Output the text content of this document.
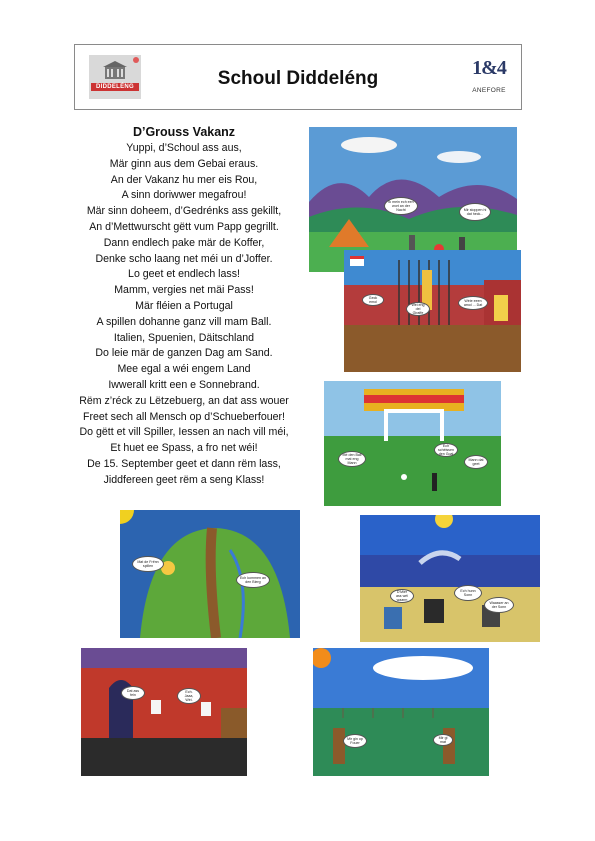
DIDDELÉNG	Schoul Diddeléng	1&4
ANEFORE
D’Grouss Vakanz
Yuppi, d’Schoul ass aus,
Mär ginn aus dem Gebai eraus.
An der Vakanz hu mer eis Rou,
A sinn doriwwer megafrou!
Mär sinn doheem, d’Gedrénks ass gekillt,
An d’Mettwurscht gëtt vum Papp gegrillt.
Dann endlech pake mär de Koffer,
Denke scho laang net méi un d’Joffer.
Lo geet et endlech lass!
Mamm, vergies net mäi Pass!
Mär fléien a Portugal
A spillen dohanne ganz vill mam Ball.
Italien, Spuenien, Däitschland
Do leie mär de ganzen Dag am Sand.
Mee egal a wéi engem Land
Iwwerall kritt een e Sonnebrand.
Rëm z’réck zu Lëtzebuerg, an dat ass wouer
Freet sech all Mensch op d’Schueberfouer!
Do gëtt et vill Spiller, Iessen an nach vill méi,
Et huet ee Spass, a fro net wéi!
De 15. September geet et dann rëm lass,
Jiddfereen geet rëm a seng Klass!
Ik mein ech een wort an der Nacht	Mir stoppen hi dat heck...
Geck emol
Wei eng dei Giraffe
Wéie eeen amol ... Dat
Mé den Ball mat eng Mann
Ech schéissen den Goal
Mann dat geet
Mat de Frënn spillen
Ech kommen an den Bierg
D'Mier ass wéi waarm
Ech hunn Sonn
Waasser an der Sonn
Dat ass fein
Ech. Jaaa, Wéi.
Mir gin op Fouer
Mir gi mat
